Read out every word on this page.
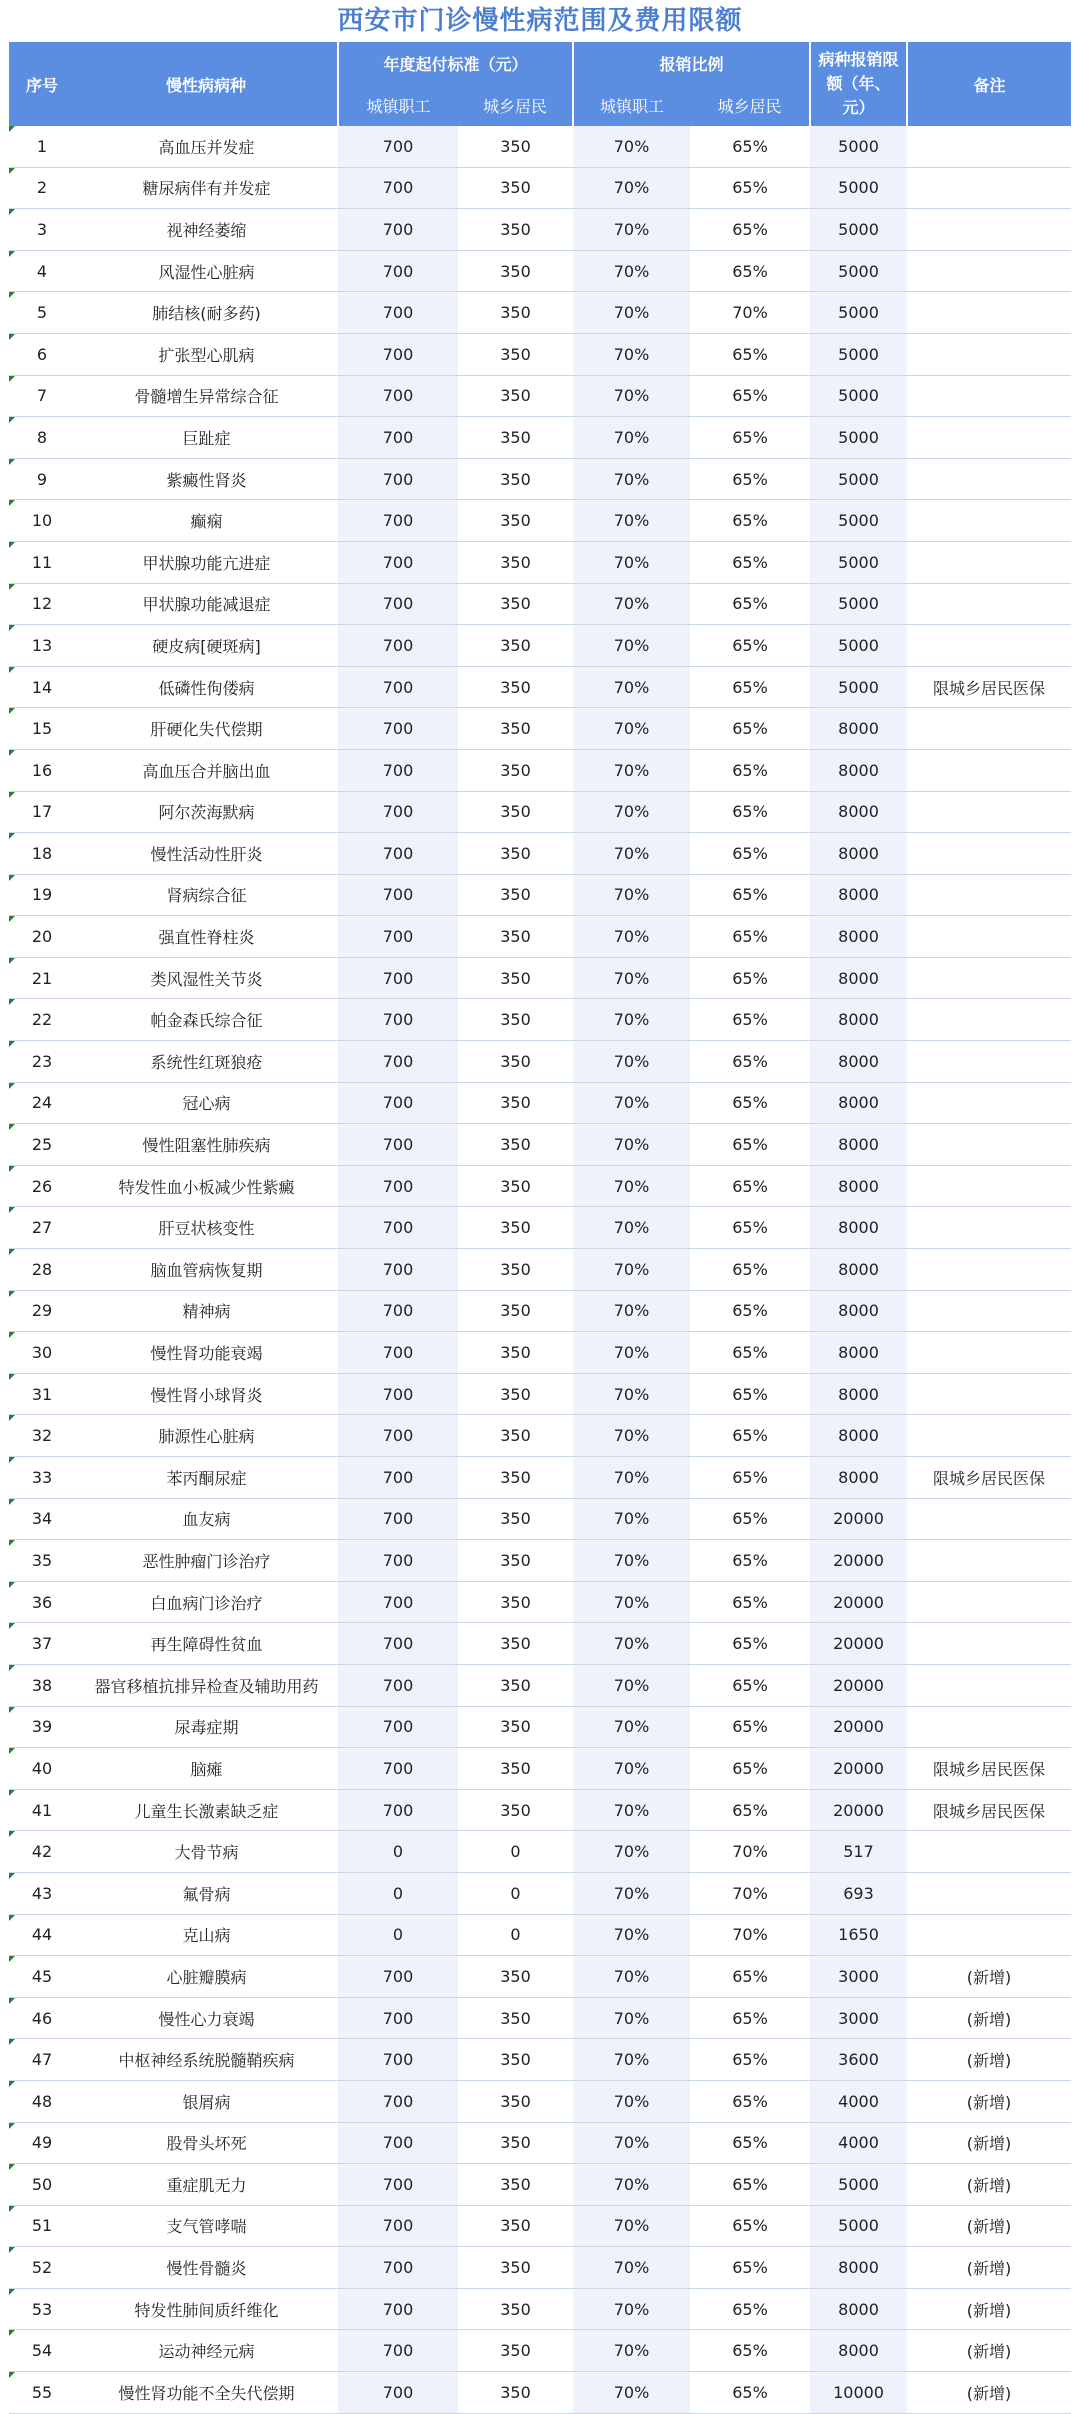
西安市门诊慢性病范围及费用限额
序号	慢性病病种	年度起付标准（元）		报销比例		病种报销限额（年、元）	备注
		城镇职工	城乡居民	城镇职工	城乡居民		
1	高血压并发症	700	350	70%	65%	5000	
2	糖尿病伴有并发症	700	350	70%	65%	5000	
3	视神经萎缩	700	350	70%	65%	5000	
4	风湿性心脏病	700	350	70%	65%	5000	
5	肺结核(耐多药)	700	350	70%	70%	5000	
6	扩张型心肌病	700	350	70%	65%	5000	
7	骨髓增生异常综合征	700	350	70%	65%	5000	
8	巨趾症	700	350	70%	65%	5000	
9	紫癜性肾炎	700	350	70%	65%	5000	
10	癫痫	700	350	70%	65%	5000	
11	甲状腺功能亢进症	700	350	70%	65%	5000	
12	甲状腺功能减退症	700	350	70%	65%	5000	
13	硬皮病[硬斑病]	700	350	70%	65%	5000	
14	低磷性佝偻病	700	350	70%	65%	5000	限城乡居民医保
15	肝硬化失代偿期	700	350	70%	65%	8000	
16	高血压合并脑出血	700	350	70%	65%	8000	
17	阿尔茨海默病	700	350	70%	65%	8000	
18	慢性活动性肝炎	700	350	70%	65%	8000	
19	肾病综合征	700	350	70%	65%	8000	
20	强直性脊柱炎	700	350	70%	65%	8000	
21	类风湿性关节炎	700	350	70%	65%	8000	
22	帕金森氏综合征	700	350	70%	65%	8000	
23	系统性红斑狼疮	700	350	70%	65%	8000	
24	冠心病	700	350	70%	65%	8000	
25	慢性阻塞性肺疾病	700	350	70%	65%	8000	
26	特发性血小板减少性紫癜	700	350	70%	65%	8000	
27	肝豆状核变性	700	350	70%	65%	8000	
28	脑血管病恢复期	700	350	70%	65%	8000	
29	精神病	700	350	70%	65%	8000	
30	慢性肾功能衰竭	700	350	70%	65%	8000	
31	慢性肾小球肾炎	700	350	70%	65%	8000	
32	肺源性心脏病	700	350	70%	65%	8000	
33	苯丙酮尿症	700	350	70%	65%	8000	限城乡居民医保
34	血友病	700	350	70%	65%	20000	
35	恶性肿瘤门诊治疗	700	350	70%	65%	20000	
36	白血病门诊治疗	700	350	70%	65%	20000	
37	再生障碍性贫血	700	350	70%	65%	20000	
38	器官移植抗排异检查及辅助用药	700	350	70%	65%	20000	
39	尿毒症期	700	350	70%	65%	20000	
40	脑瘫	700	350	70%	65%	20000	限城乡居民医保
41	儿童生长激素缺乏症	700	350	70%	65%	20000	限城乡居民医保
42	大骨节病	0	0	70%	70%	517	
43	氟骨病	0	0	70%	70%	693	
44	克山病	0	0	70%	70%	1650	
45	心脏瓣膜病	700	350	70%	65%	3000	(新增)
46	慢性心力衰竭	700	350	70%	65%	3000	(新增)
47	中枢神经系统脱髓鞘疾病	700	350	70%	65%	3600	(新增)
48	银屑病	700	350	70%	65%	4000	(新增)
49	股骨头坏死	700	350	70%	65%	4000	(新增)
50	重症肌无力	700	350	70%	65%	5000	(新增)
51	支气管哮喘	700	350	70%	65%	5000	(新增)
52	慢性骨髓炎	700	350	70%	65%	8000	(新增)
53	特发性肺间质纤维化	700	350	70%	65%	8000	(新增)
54	运动神经元病	700	350	70%	65%	8000	(新增)
55	慢性肾功能不全失代偿期	700	350	70%	65%	10000	(新增)
